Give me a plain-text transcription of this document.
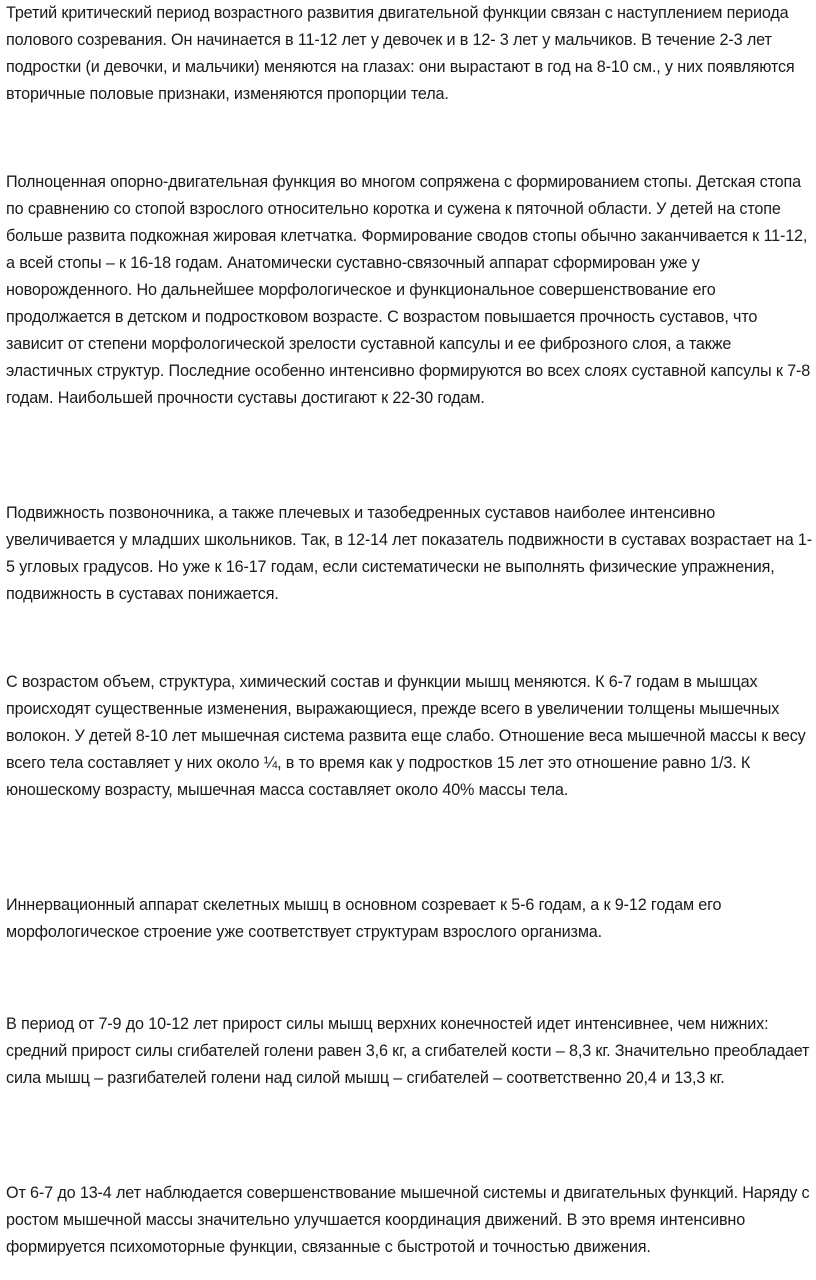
Третий критический период возрастного развития двигательной функции связан с наступлением периода полового созревания. Он начинается в 11-12 лет у девочек и в 12- 3 лет у мальчиков. В течение 2-3 лет подростки (и девочки, и мальчики) меняются на глазах: они вырастают в год на 8-10 см., у них появляются вторичные половые признаки, изменяются пропорции тела.

Полноценная опорно-двигательная функция во многом сопряжена с формированием стопы. Детская стопа по сравнению со стопой взрослого относительно коротка и сужена к пяточной области. У детей на стопе больше развита подкожная жировая клетчатка. Формирование сводов стопы обычно заканчивается к 11-12, а всей стопы – к 16-18 годам. Анатомически суставно-связочный аппарат сформирован уже у новорожденного. Но дальнейшее морфологическое и функциональное совершенствование его продолжается в детском и подростковом возрасте. С возрастом повышается прочность суставов, что зависит от степени морфологической зрелости суставной капсулы и ее фиброзного слоя, а также эластичных структур. Последние особенно интенсивно формируются во всех слоях суставной капсулы к 7-8 годам. Наибольшей прочности суставы достигают к 22-30 годам.

Подвижность позвоночника, а также плечевых и тазобедренных суставов наиболее интенсивно увеличивается у младших школьников. Так, в 12-14 лет показатель подвижности в суставах возрастает на 1-5 угловых градусов. Но уже к 16-17 годам, если систематически не выполнять физические упражнения, подвижность в суставах понижается.

С возрастом объем, структура, химический состав и функции мышц меняются. К 6-7 годам в мышцах происходят существенные изменения, выражающиеся, прежде всего в увеличении толщены мышечных волокон. У детей 8-10 лет мышечная система развита еще слабо. Отношение веса мышечной массы к весу всего тела составляет у них около ¼, в то время как у подростков 15 лет это отношение равно 1/3. К юношескому возрасту, мышечная масса составляет около 40% массы тела.

Иннервационный аппарат скелетных мышц в основном созревает к 5-6 годам, а к 9-12 годам его морфологическое строение уже соответствует структурам взрослого организма.

В период от 7-9 до 10-12 лет прирост силы мышц верхних конечностей идет интенсивнее, чем нижних: средний прирост силы сгибателей голени равен 3,6 кг, а сгибателей кости – 8,3 кг. Значительно преобладает сила мышц – разгибателей голени над силой мышц – сгибателей – соответственно 20,4 и 13,3 кг.

От 6-7 до 13-4 лет наблюдается совершенствование мышечной системы и двигательных функций. Наряду с ростом мышечной массы значительно улучшается координация движений. В это время интенсивно формируется психомоторные функции, связанные с быстротой и точностью движения.
